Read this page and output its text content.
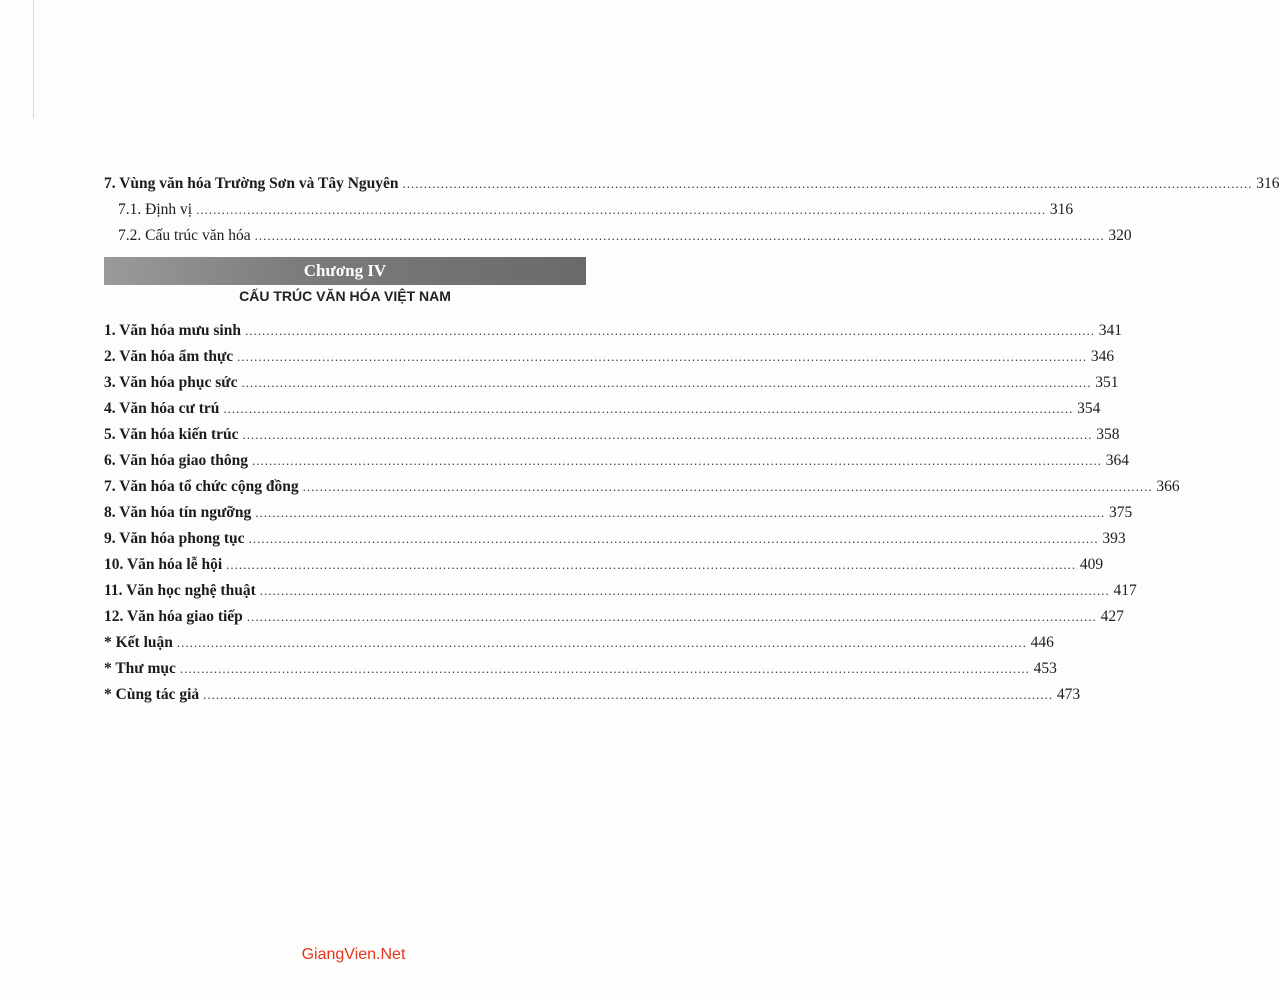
7. Vùng văn hóa Trường Sơn và Tây Nguyên ........................................................................................................................................................................................................ 316
7.1. Định vị ........................................................................................................................................................................................................ 316
7.2. Cấu trúc văn hóa ........................................................................................................................................................................................................ 320
Chương IV
CẤU TRÚC VĂN HÓA VIỆT NAM
1. Văn hóa mưu sinh ........................................................................................................................................................................................................ 341
2. Văn hóa ẩm thực ........................................................................................................................................................................................................ 346
3. Văn hóa phục sức ........................................................................................................................................................................................................ 351
4. Văn hóa cư trú ........................................................................................................................................................................................................ 354
5. Văn hóa kiến trúc ........................................................................................................................................................................................................ 358
6. Văn hóa giao thông ........................................................................................................................................................................................................ 364
7. Văn hóa tổ chức cộng đồng ........................................................................................................................................................................................................ 366
8. Văn hóa tín ngưỡng ........................................................................................................................................................................................................ 375
9. Văn hóa phong tục ........................................................................................................................................................................................................ 393
10. Văn hóa lễ hội ........................................................................................................................................................................................................ 409
11. Văn học nghệ thuật ........................................................................................................................................................................................................ 417
12. Văn hóa giao tiếp ........................................................................................................................................................................................................ 427
* Kết luận ........................................................................................................................................................................................................ 446
* Thư mục ........................................................................................................................................................................................................ 453
* Cùng tác giả ........................................................................................................................................................................................................ 473
GiangVien.Net
